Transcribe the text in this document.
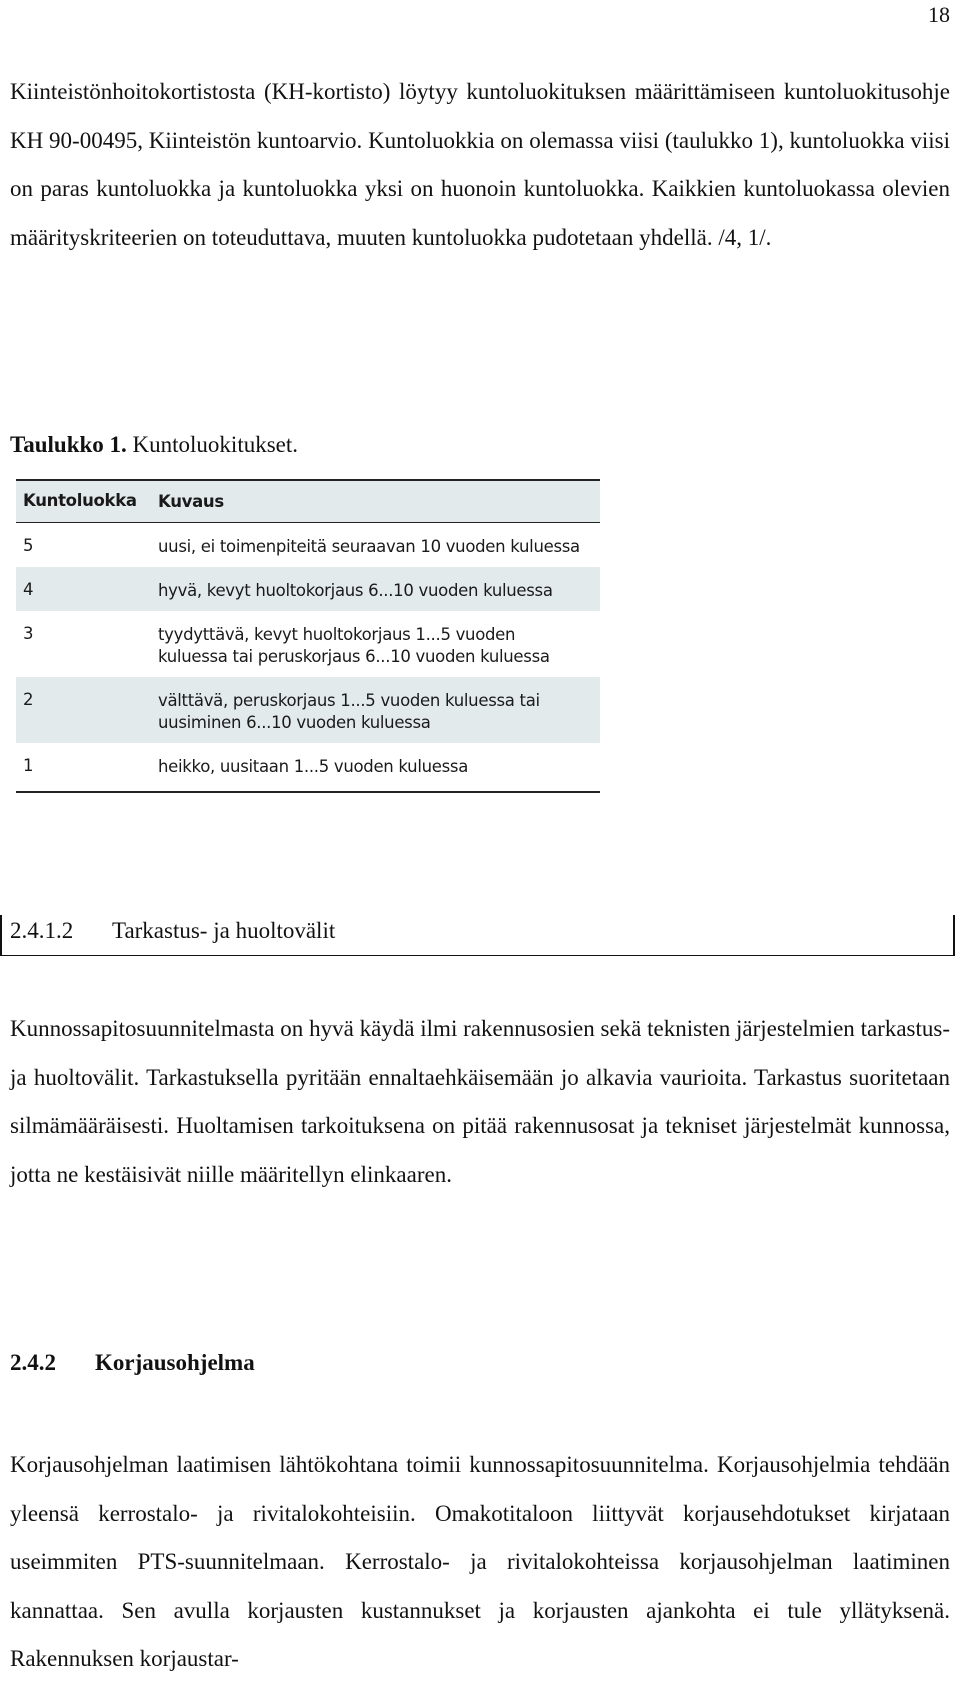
18
Kiinteistönhoitokortistosta (KH-kortisto) löytyy kuntoluokituksen määrittämiseen kuntoluokitusohje KH 90-00495, Kiinteistön kuntoarvio. Kuntoluokkia on olemassa viisi (taulukko 1), kuntoluokka viisi on paras kuntoluokka ja kuntoluokka yksi on huonoin kuntoluokka. Kaikkien kuntoluokassa olevien määrityskriteerien on toteuduttava, muuten kuntoluokka pudotetaan yhdellä. /4, 1/.
Taulukko 1. Kuntoluokitukset.
Kuntoluokka Kuvaus
5	uusi, ei toimenpiteitä seuraavan 10 vuoden kuluessa
4	hyvä, kevyt huoltokorjaus 6...10 vuoden kuluessa
3	tyydyttävä, kevyt huoltokorjaus 1...5 vuoden kuluessa tai peruskorjaus 6...10 vuoden kuluessa
2	välttävä, peruskorjaus 1...5 vuoden kuluessa tai uusiminen 6...10 vuoden kuluessa
1	heikko, uusitaan 1...5 vuoden kuluessa
2.4.1.2 Tarkastus- ja huoltovälit
Kunnossapitosuunnitelmasta on hyvä käydä ilmi rakennusosien sekä teknisten järjestelmien tarkastus- ja huoltovälit. Tarkastuksella pyritään ennaltaehkäisemään jo alkavia vaurioita. Tarkastus suoritetaan silmämääräisesti. Huoltamisen tarkoituksena on pitää rakennusosat ja tekniset järjestelmät kunnossa, jotta ne kestäisivät niille määritellyn elinkaaren.
2.4.2 Korjausohjelma
Korjausohjelman laatimisen lähtökohtana toimii kunnossapitosuunnitelma. Korjausohjelmia tehdään yleensä kerrostalo- ja rivitalokohteisiin. Omakotitaloon liittyvät korjausehdotukset kirjataan useimmiten PTS-suunnitelmaan. Kerrostalo- ja rivitalokohteissa korjausohjelman laatiminen kannattaa. Sen avulla korjausten kustannukset ja korjausten ajankohta ei tule yllätyksenä. Rakennuksen korjaustar-
